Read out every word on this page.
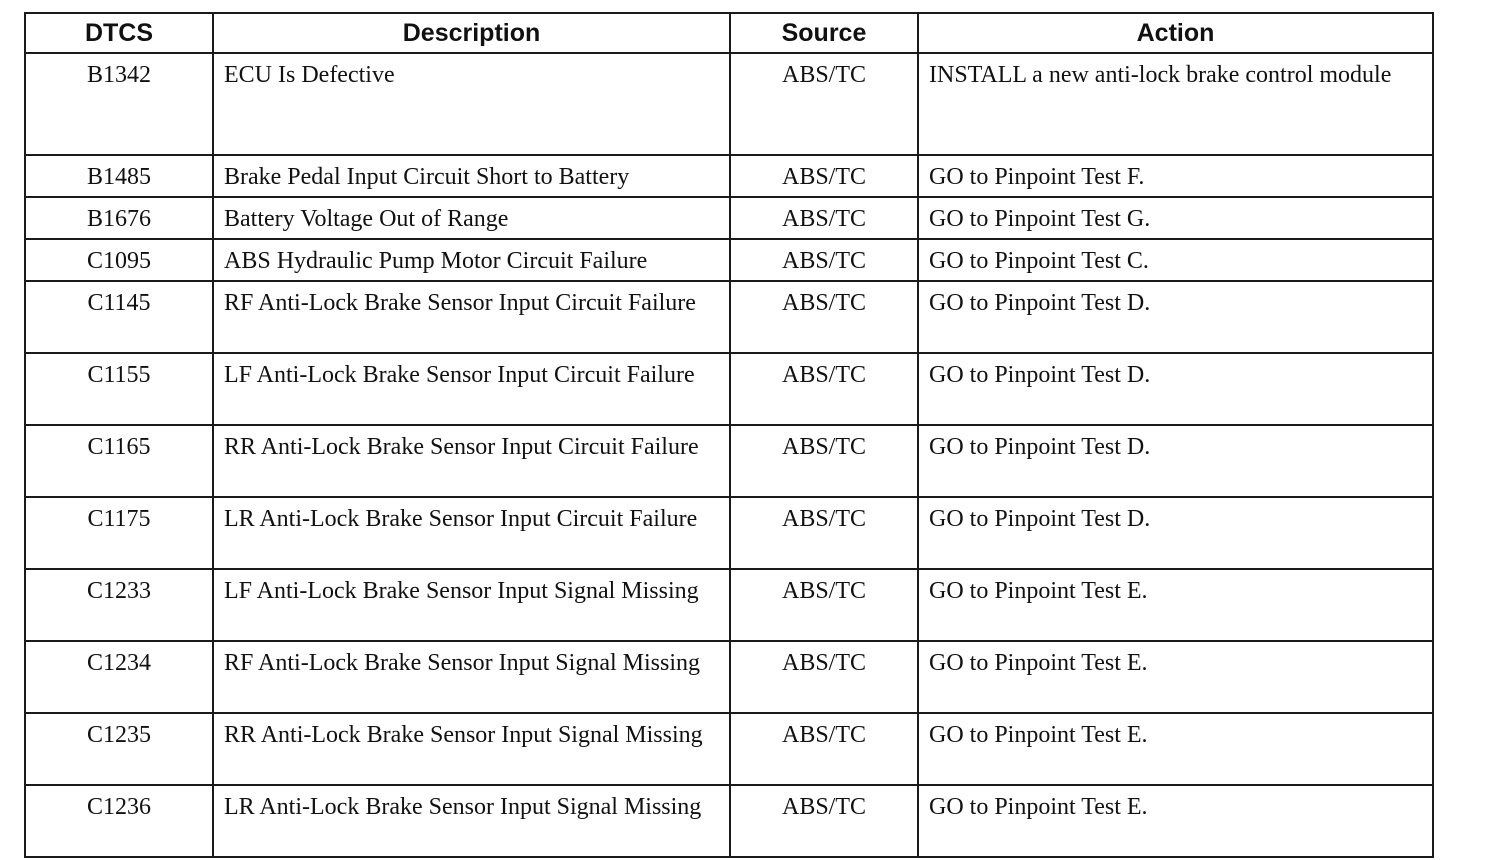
DTCS	Description	Source	Action
B1342	ECU Is Defective	ABS/TC	INSTALL a new anti-lock brake control module
B1485	Brake Pedal Input Circuit Short to Battery	ABS/TC	GO to Pinpoint Test F.
B1676	Battery Voltage Out of Range	ABS/TC	GO to Pinpoint Test G.
C1095	ABS Hydraulic Pump Motor Circuit Failure	ABS/TC	GO to Pinpoint Test C.
C1145	RF Anti-Lock Brake Sensor Input Circuit Failure	ABS/TC	GO to Pinpoint Test D.
C1155	LF Anti-Lock Brake Sensor Input Circuit Failure	ABS/TC	GO to Pinpoint Test D.
C1165	RR Anti-Lock Brake Sensor Input Circuit Failure	ABS/TC	GO to Pinpoint Test D.
C1175	LR Anti-Lock Brake Sensor Input Circuit Failure	ABS/TC	GO to Pinpoint Test D.
C1233	LF Anti-Lock Brake Sensor Input Signal Missing	ABS/TC	GO to Pinpoint Test E.
C1234	RF Anti-Lock Brake Sensor Input Signal Missing	ABS/TC	GO to Pinpoint Test E.
C1235	RR Anti-Lock Brake Sensor Input Signal Missing	ABS/TC	GO to Pinpoint Test E.
C1236	LR Anti-Lock Brake Sensor Input Signal Missing	ABS/TC	GO to Pinpoint Test E.
